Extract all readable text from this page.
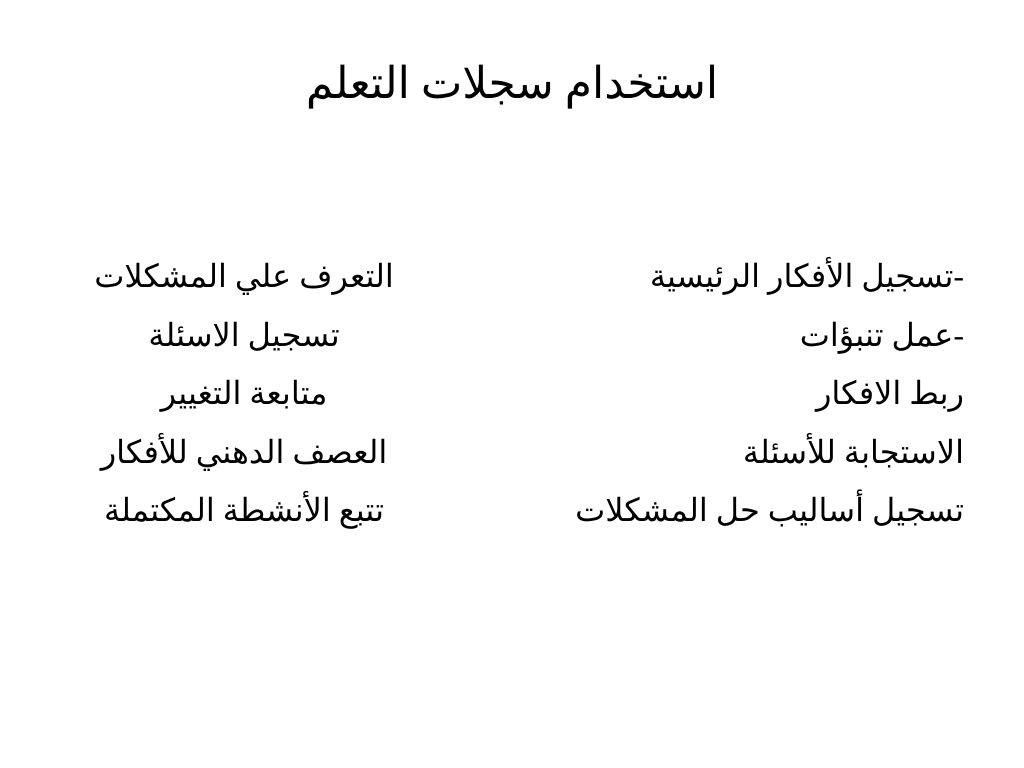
استخدام سجلات التعلم
-تسجيل الأفكار الرئيسية
-عمل تنبؤات
ربط الافكار
الاستجابة للأسئلة
تسجيل أساليب حل المشكلات
التعرف علي المشكلات
تسجيل الاسئلة
متابعة التغيير
العصف الدهني للأفكار
تتبع الأنشطة المكتملة
